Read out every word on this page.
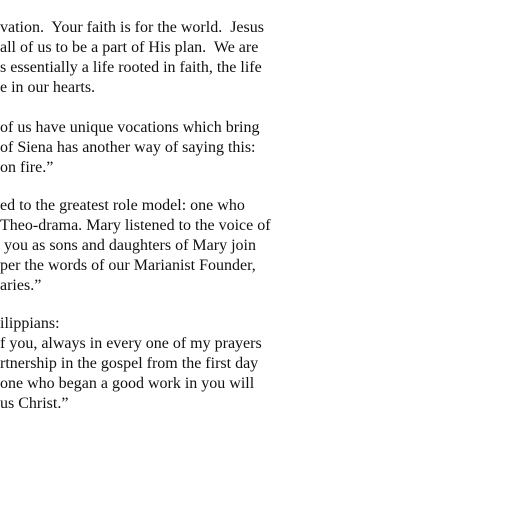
vation.  Your faith is for the world.  Jesus
all of us to be a part of His plan.  We are
s essentially a life rooted in faith, the life
e in our hearts.
of us have unique vocations which bring
of Siena has another way of saying this:
on fire.”
ed to the greatest role model: one who
Theo-drama. Mary listened to the voice of
you as sons and daughters of Mary join
per the words of our Marianist Founder,
aries.”
ilippians:
f you, always in every one of my prayers
rtnership in the gospel from the first day
one who began a good work in you will
us Christ.”
